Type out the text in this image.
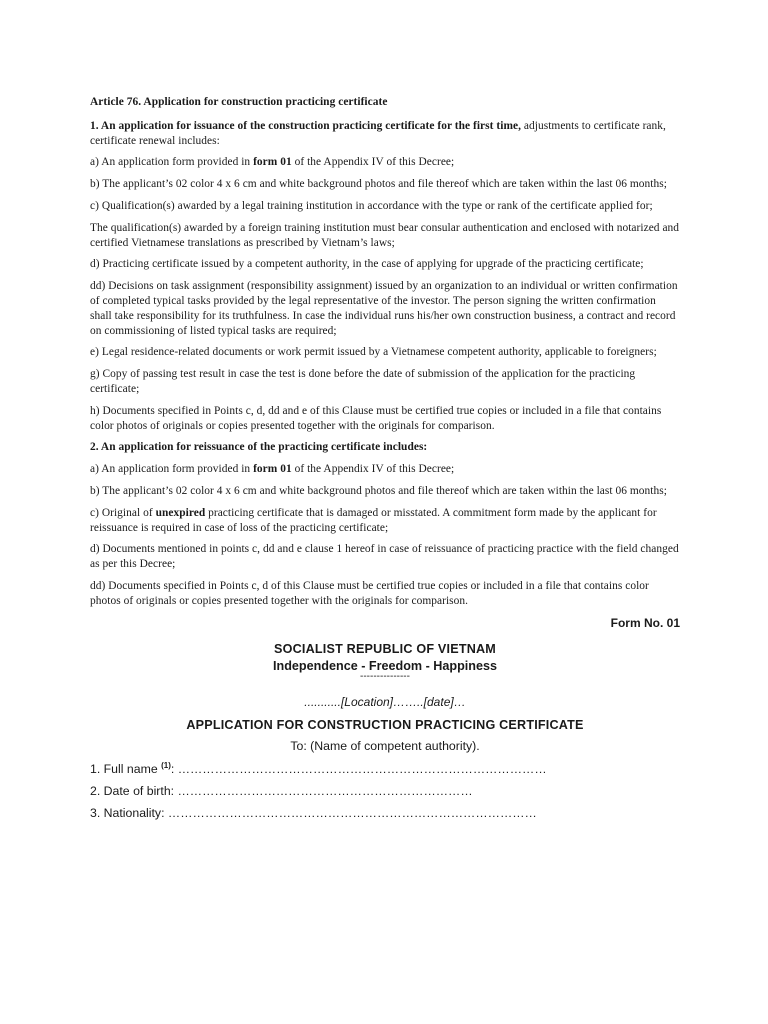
Article 76. Application for construction practicing certificate

1. An application for issuance of the construction practicing certificate for the first time, adjustments to certificate rank, certificate renewal includes:

a) An application form provided in form 01 of the Appendix IV of this Decree;

b) The applicant’s 02 color 4 x 6 cm and white background photos and file thereof which are taken within the last 06 months;

c) Qualification(s) awarded by a legal training institution in accordance with the type or rank of the certificate applied for;

The qualification(s) awarded by a foreign training institution must bear consular authentication and enclosed with notarized and certified Vietnamese translations as prescribed by Vietnam’s laws;

d) Practicing certificate issued by a competent authority, in the case of applying for upgrade of the practicing certificate;

dd) Decisions on task assignment (responsibility assignment) issued by an organization to an individual or written confirmation of completed typical tasks provided by the legal representative of the investor. The person signing the written confirmation shall take responsibility for its truthfulness. In case the individual runs his/her own construction business, a contract and record on commissioning of listed typical tasks are required;

e) Legal residence-related documents or work permit issued by a Vietnamese competent authority, applicable to foreigners;

g) Copy of passing test result in case the test is done before the date of submission of the application for the practicing certificate;

h) Documents specified in Points c, d, dd and e of this Clause must be certified true copies or included in a file that contains color photos of originals or copies presented together with the originals for comparison.

2. An application for reissuance of the practicing certificate includes:

a) An application form provided in form 01 of the Appendix IV of this Decree;

b) The applicant’s 02 color 4 x 6 cm and white background photos and file thereof which are taken within the last 06 months;

c) Original of unexpired practicing certificate that is damaged or misstated. A commitment form made by the applicant for reissuance is required in case of loss of the practicing certificate;

d) Documents mentioned in points c, dd and e clause 1 hereof in case of reissuance of practicing practice with the field changed as per this Decree;

dd) Documents specified in Points c, d of this Clause must be certified true copies or included in a file that contains color photos of originals or copies presented together with the originals for comparison.

Form No. 01
SOCIALIST REPUBLIC OF VIETNAM
Independence - Freedom - Happiness
---------------
...........[Location]……..[date]…
APPLICATION FOR CONSTRUCTION PRACTICING CERTIFICATE
To: (Name of competent authority).
1. Full name $^{(1)}$: ………………………………………………………………………………
2. Date of birth: ………………………………………………………………
3. Nationality: ………………………………………………………………………………
